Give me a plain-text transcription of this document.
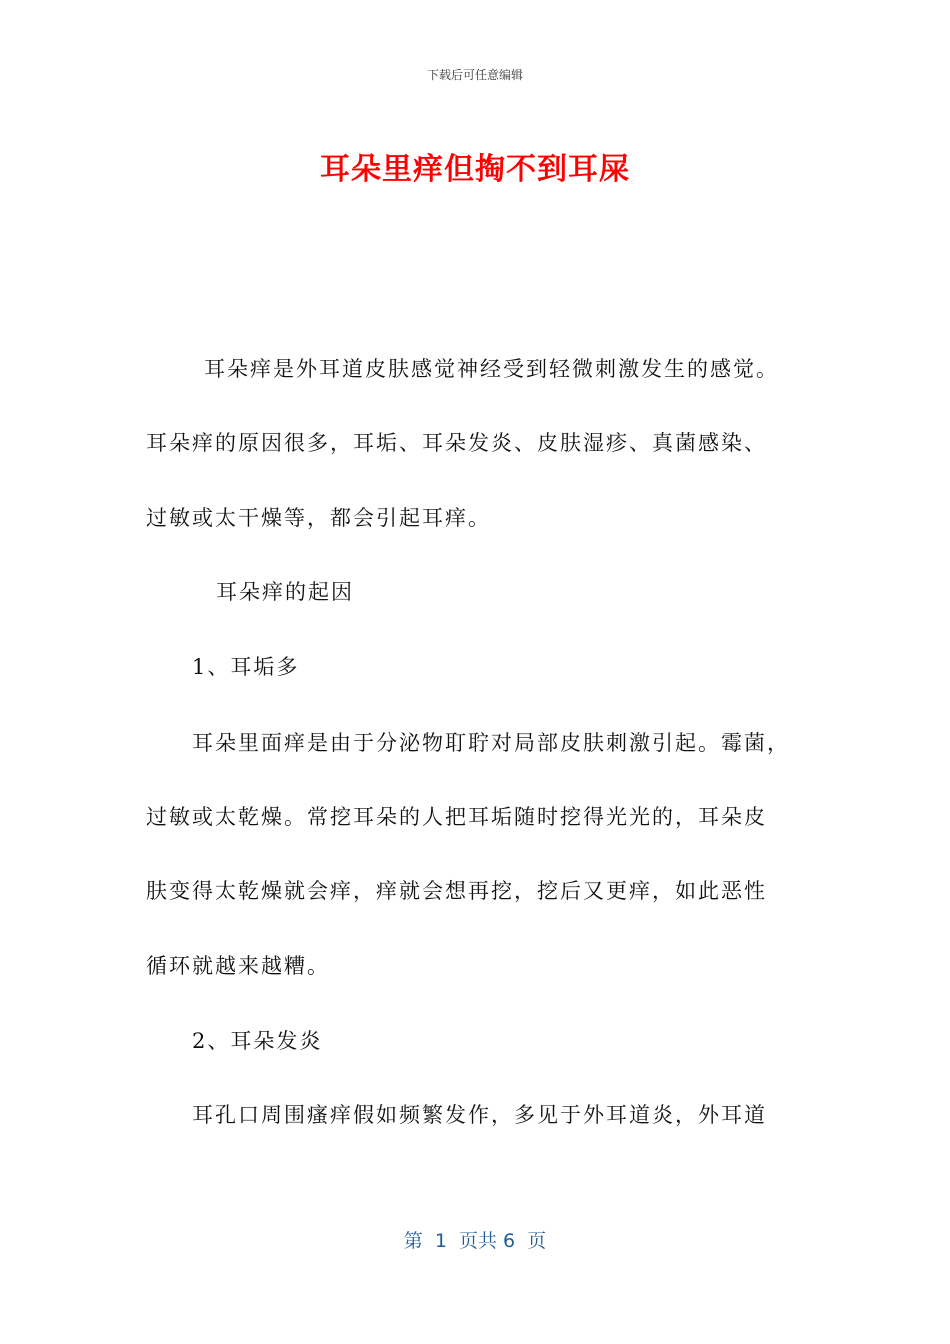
下载后可任意编辑
耳朵里痒但掏不到耳屎
耳朵痒是外耳道皮肤感觉神经受到轻微刺激发生的感觉。
耳朵痒的原因很多，耳垢、耳朵发炎、皮肤湿疹、真菌感染、
过敏或太干燥等，都会引起耳痒。
耳朵痒的起因
1、耳垢多
耳朵里面痒是由于分泌物耵聍对局部皮肤刺激引起。霉菌，
过敏或太乾燥。常挖耳朵的人把耳垢随时挖得光光的，耳朵皮
肤变得太乾燥就会痒，痒就会想再挖，挖后又更痒，如此恶性
循环就越来越糟。
2、耳朵发炎
耳孔口周围瘙痒假如频繁发作，多见于外耳道炎，外耳道
第  1  页共 6  页
